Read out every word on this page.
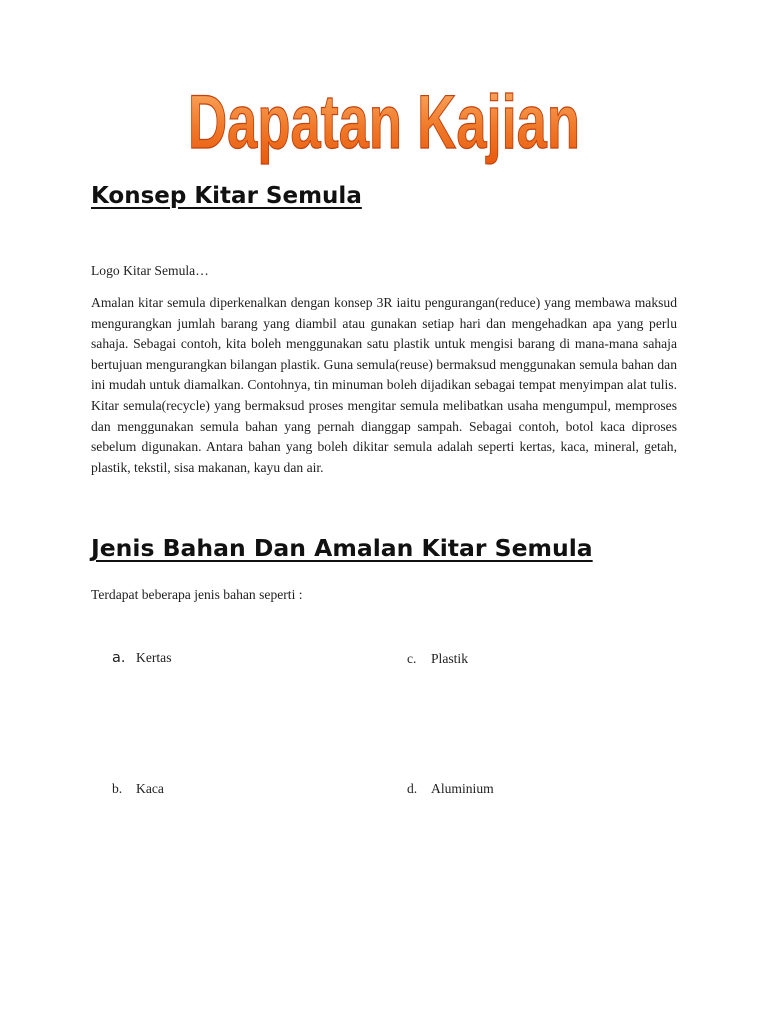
Dapatan Kajian
Konsep Kitar Semula
Logo Kitar Semula…

Amalan kitar semula diperkenalkan dengan konsep 3R iaitu pengurangan(reduce) yang membawa maksud mengurangkan jumlah barang yang diambil atau gunakan setiap hari dan mengehadkan apa yang perlu sahaja. Sebagai contoh, kita boleh menggunakan satu plastik untuk mengisi barang di mana-mana sahaja bertujuan mengurangkan bilangan plastik. Guna semula(reuse) bermaksud menggunakan semula bahan dan ini mudah untuk diamalkan. Contohnya, tin minuman boleh dijadikan sebagai tempat menyimpan alat tulis. Kitar semula(recycle) yang bermaksud proses mengitar semula melibatkan usaha mengumpul, memproses dan menggunakan semula bahan yang pernah dianggap sampah. Sebagai contoh, botol kaca diproses sebelum digunakan. Antara bahan yang boleh dikitar semula adalah seperti kertas, kaca, mineral, getah, plastik, tekstil, sisa makanan, kayu dan air.

Jenis Bahan Dan Amalan Kitar Semula
Terdapat beberapa jenis bahan seperti :
a. Kertas
b. Kaca
c. Plastik
d. Aluminium
